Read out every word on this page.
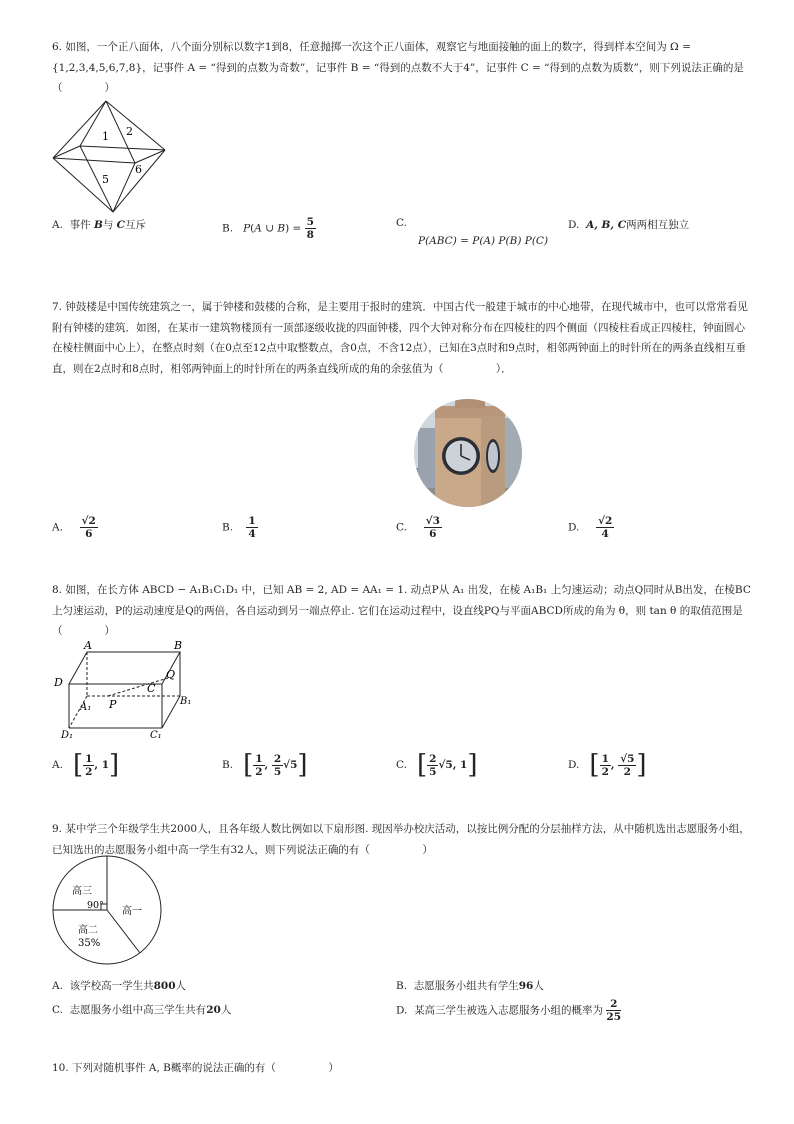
6. 如图，一个正八面体，八个面分别标以数字1到8，任意抛掷一次这个正八面体，观察它与地面接触的面上的数字，得到样本空间为 Ω = {1,2,3,4,5,6,7,8}，记事件 A = “得到的点数为奇数”，记事件 B = “得到的点数不大于4”，记事件 C = “得到的点数为质数”，则下列说法正确的是（　　　　）
1 2
5
6
A.  事件 B与 C互斥	B.   P(A ∪ $B) = \frac{5}{8}$	C.
P(ABC) = P(A) P(B) P(C)
D.  A, B, C两两相互独立
7. 钟鼓楼是中国传统建筑之一，属于钟楼和鼓楼的合称，是主要用于报时的建筑．中国古代一般建于城市的中心地带，在现代城市中，也可以常常看见附有钟楼的建筑．如图，在某市一建筑物楼顶有一顶部逐级收拢的四面钟楼，四个大钟对称分布在四棱柱的四个侧面（四棱柱看成正四棱柱，钟面圆心在棱柱侧面中心上），在整点时刻（在0点至12点中取整数点，含0点，不含12点），已知在3点时和9点时，相邻两钟面上的时针所在的两条直线相互垂直，则在2点时和8点时，相邻两钟面上的时针所在的两条直线所成的角的余弦值为（　　　　　）．
A. $\frac{√2}{6}$	B. $\frac{1}{4}$	C. $\frac{√3}{6}$	D. $\frac{√2}{4}$
8. 如图，在长方体 ABCD − A₁B₁C₁D₁ 中，已知 AB = 2, AD = AA₁ = 1. 动点P从 A₁ 出发，在棱 A₁B₁ 上匀速运动；动点Q同时从B出发，在棱BC上匀速运动，P的运动速度是Q的两倍，各自运动到另一端点停止. 它们在运动过程中，设直线PQ与平面ABCD所成的角为 θ，则 tan θ 的取值范围是（　　　　）
A	B
D	C
Q
A₁ P	B₁
D₁	C₁
A.   [ $\frac{1}{2}$ , 1]	B.   [ $\frac{1}{2}$ , $\frac{2}{5} √5$]	C.   [ $\frac{2}{5} √5$, 1]	D.   [ $\frac{1}{2}$ , $\frac{√5}{2}$ ]
9. 某中学三个年级学生共2000人，且各年级人数比例如以下扇形图. 现因举办校庆活动，以按比例分配的分层抽样方法，从中随机选出志愿服务小组，已知选出的志愿服务小组中高一学生有32人，则下列说法正确的有（　　　　　）
高三
90°
高一
高二
35%
A.  该学校高一学生共800人	B.  志愿服务小组共有学生96人
C.  志愿服务小组中高三学生共有20人	D.  某高三学生被选入志愿服务小组的概率为 $\frac{2}{25}$
10. 下列对随机事件 A, B概率的说法正确的有（　　　　　）
